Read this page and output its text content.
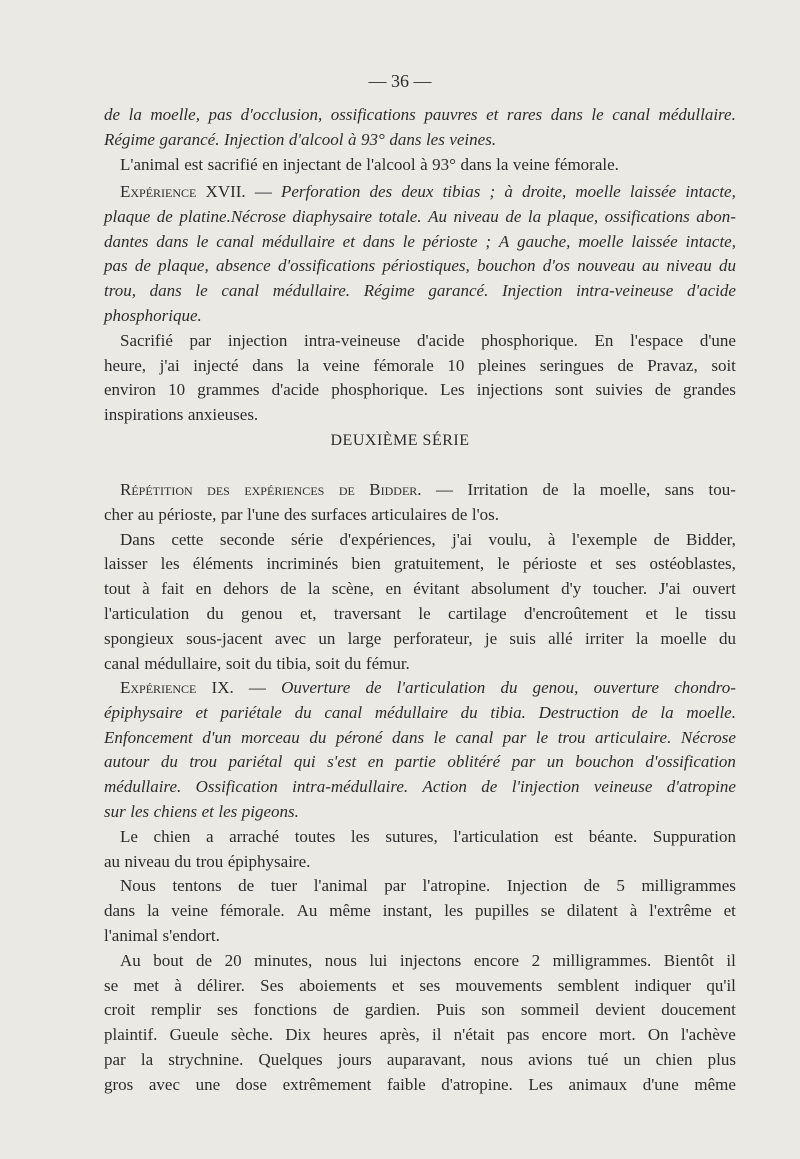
— 36 —
DEUXIÈME SÉRIE
de la moelle, pas d'occlusion, ossifications pauvres et rares dans le canal médullaire.
Régime garancé. Injection d'alcool à 93° dans les veines.
L'animal est sacrifié en injectant de l'alcool à 93° dans la veine fémorale.
Expérience XVII. — Perforation des deux tibias ; à droite, moelle laissée intacte,
plaque de platine.Nécrose diaphysaire totale. Au niveau de la plaque, ossifications abon-
dantes dans le canal médullaire et dans le périoste ; A gauche, moelle laissée intacte,
pas de plaque, absence d'ossifications périostiques, bouchon d'os nouveau au niveau du
trou, dans le canal médullaire. Régime garancé. Injection intra-veineuse d'acide
phosphorique.
Sacrifié par injection intra-veineuse d'acide phosphorique. En l'espace d'une
heure, j'ai injecté dans la veine fémorale 10 pleines seringues de Pravaz, soit
environ 10 grammes d'acide phosphorique. Les injections sont suivies de grandes
inspirations anxieuses.
Répétition des expériences de Bidder. — Irritation de la moelle, sans tou-
cher au périoste, par l'une des surfaces articulaires de l'os.
Dans cette seconde série d'expériences, j'ai voulu, à l'exemple de Bidder,
laisser les éléments incriminés bien gratuitement, le périoste et ses ostéoblastes,
tout à fait en dehors de la scène, en évitant absolument d'y toucher. J'ai ouvert
l'articulation du genou et, traversant le cartilage d'encroûtement et le tissu
spongieux sous-jacent avec un large perforateur, je suis allé irriter la moelle du
canal médullaire, soit du tibia, soit du fémur.
Expérience IX. — Ouverture de l'articulation du genou, ouverture chondro-
épiphysaire et pariétale du canal médullaire du tibia. Destruction de la moelle.
Enfoncement d'un morceau du péroné dans le canal par le trou articulaire. Nécrose
autour du trou pariétal qui s'est en partie oblitéré par un bouchon d'ossification
médullaire. Ossification intra-médullaire. Action de l'injection veineuse d'atropine
sur les chiens et les pigeons.
Le chien a arraché toutes les sutures, l'articulation est béante. Suppuration
au niveau du trou épiphysaire.
Nous tentons de tuer l'animal par l'atropine. Injection de 5 milligrammes
dans la veine fémorale. Au même instant, les pupilles se dilatent à l'extrême et
l'animal s'endort.
Au bout de 20 minutes, nous lui injectons encore 2 milligrammes. Bientôt il
se met à délirer. Ses aboiements et ses mouvements semblent indiquer qu'il
croit remplir ses fonctions de gardien. Puis son sommeil devient doucement
plaintif. Gueule sèche. Dix heures après, il n'était pas encore mort. On l'achève
par la strychnine. Quelques jours auparavant, nous avions tué un chien plus
gros avec une dose extrêmement faible d'atropine. Les animaux d'une même
